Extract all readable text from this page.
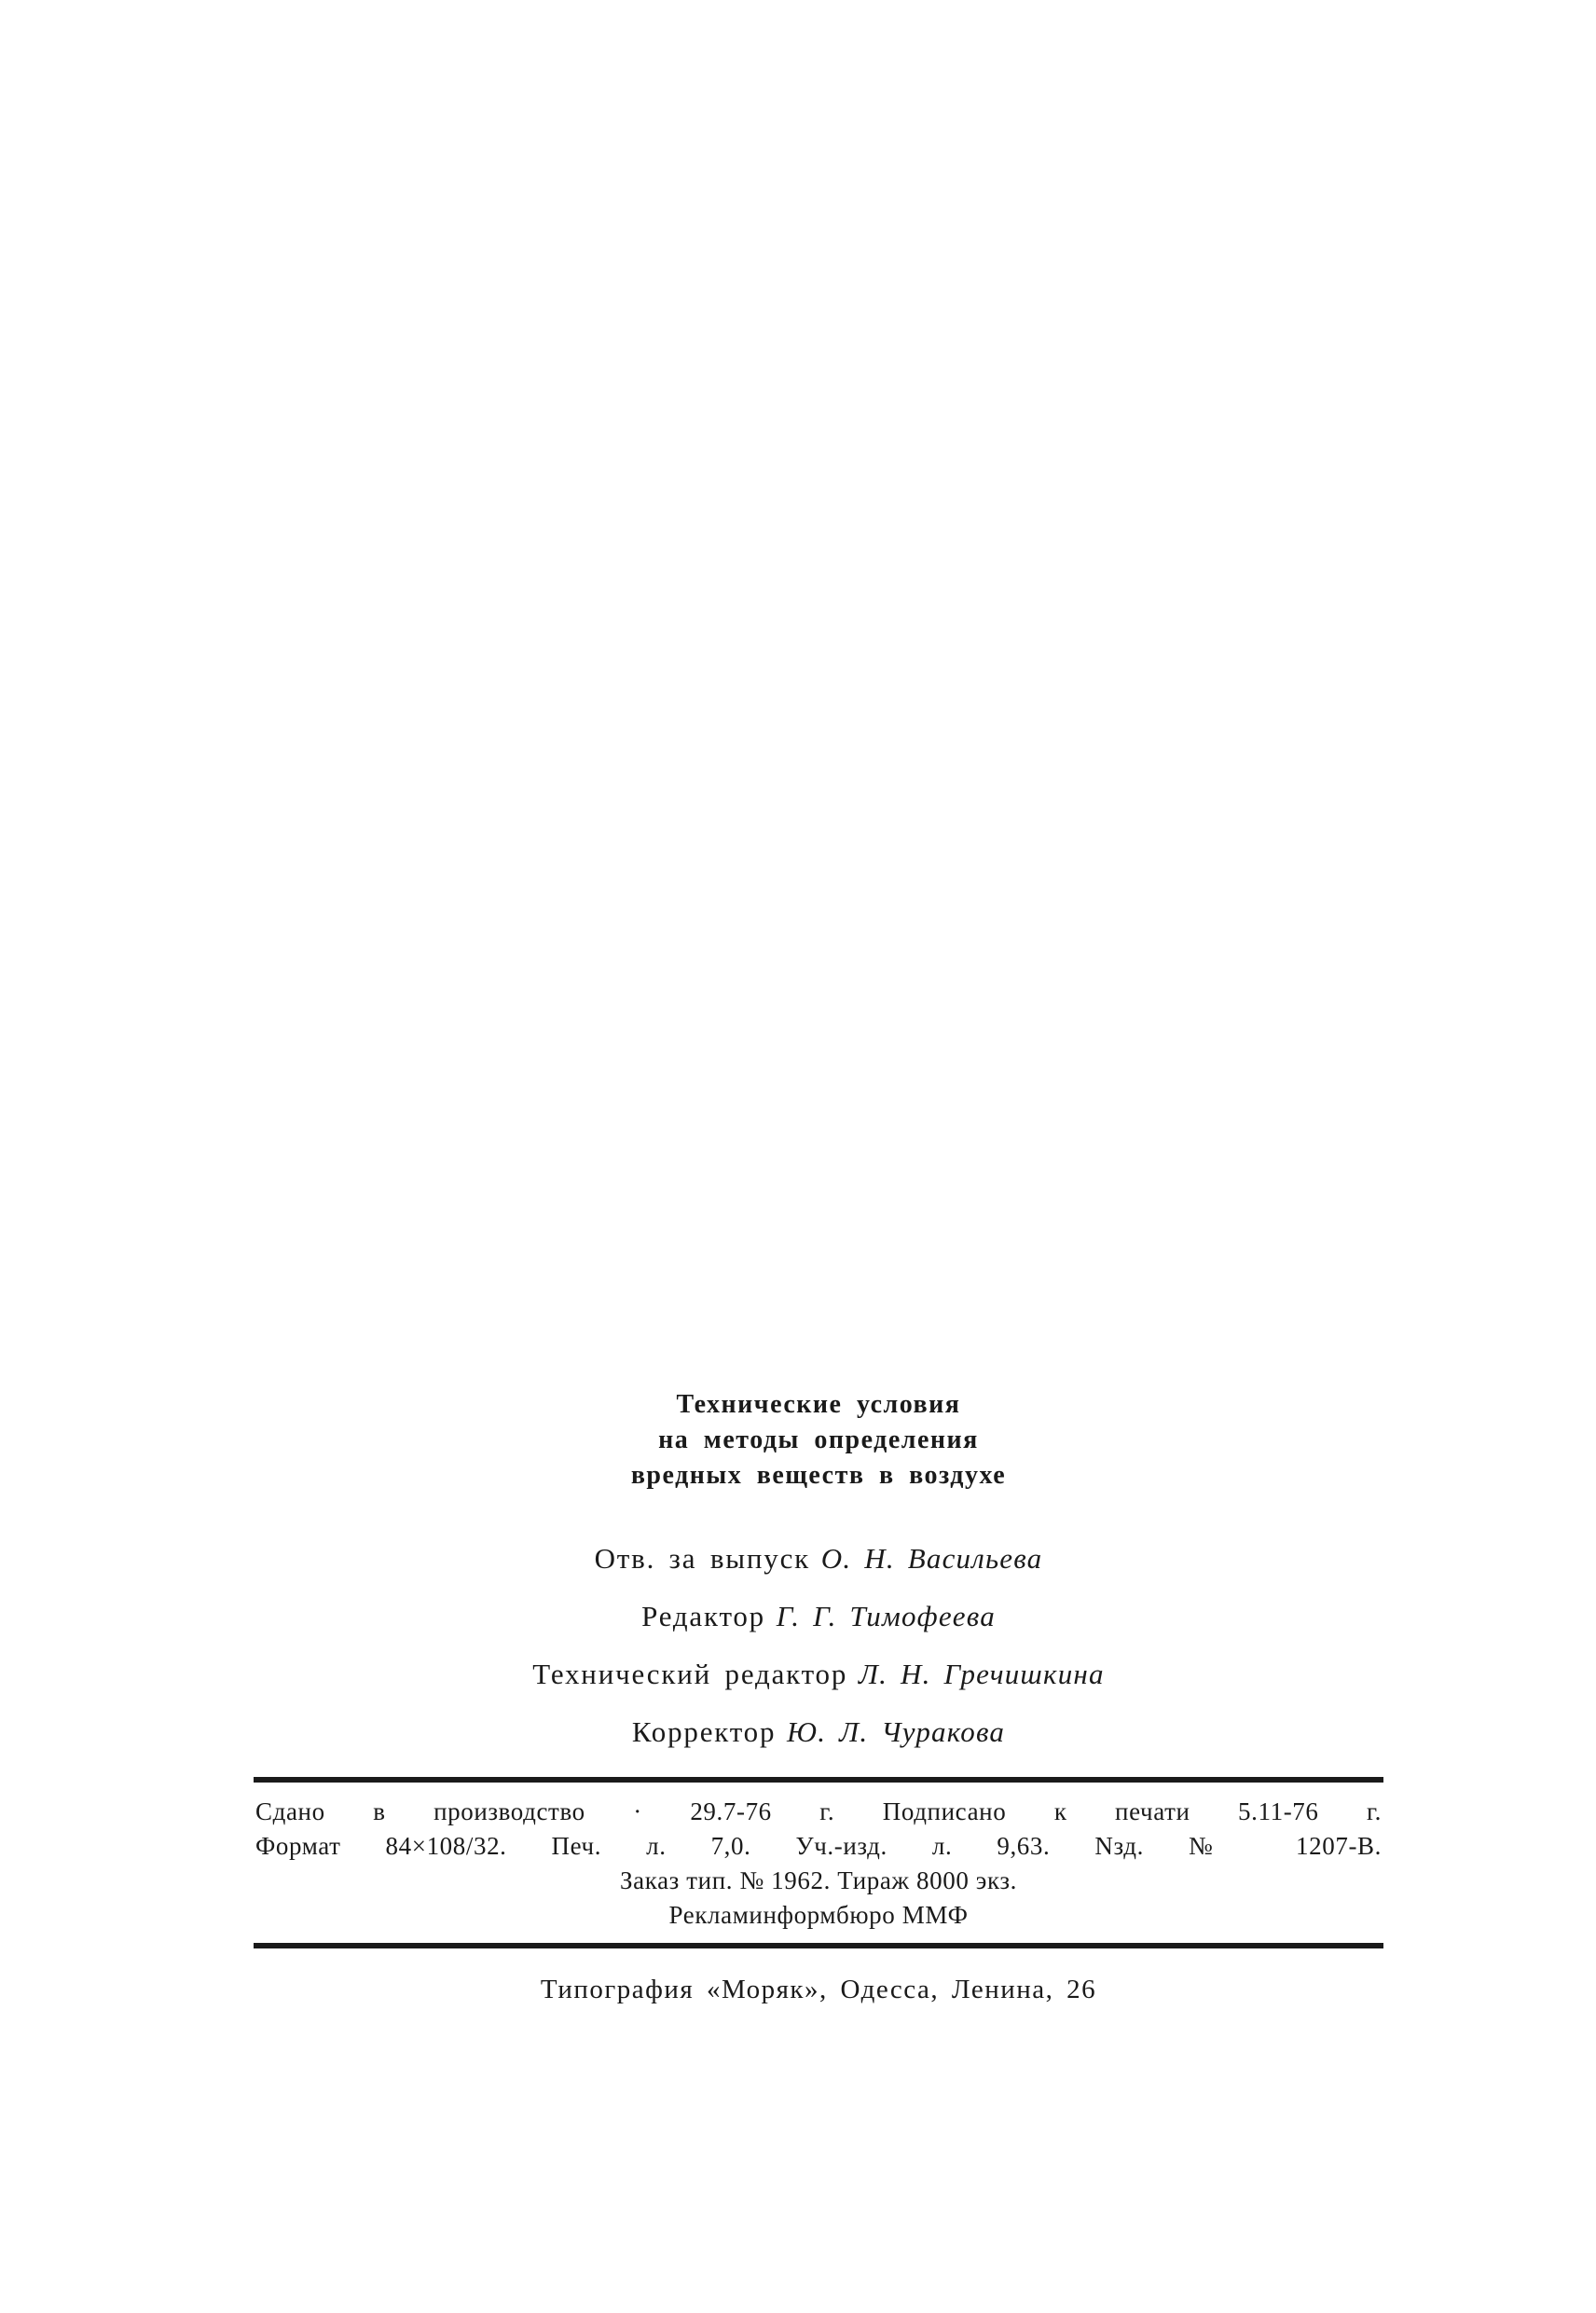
Технические условия
на методы определения
вредных веществ в воздухе

Отв. за выпуск О. Н. Васильева

Редактор Г. Г. Тимофеева

Технический редактор Л. Н. Гречишкина

Корректор Ю. Л. Чуракова

Сдано в производство · 29.7-76 г. Подписано к печати 5.11-76 г.

Формат 84×108/32. Печ. л. 7,0. Уч.-изд. л. 9,63. Nзд. № 1207-В.

Заказ тип. № 1962. Тираж 8000 экз.

Рекламинформбюро ММФ

Типография «Моряк», Одесса, Ленина, 26
